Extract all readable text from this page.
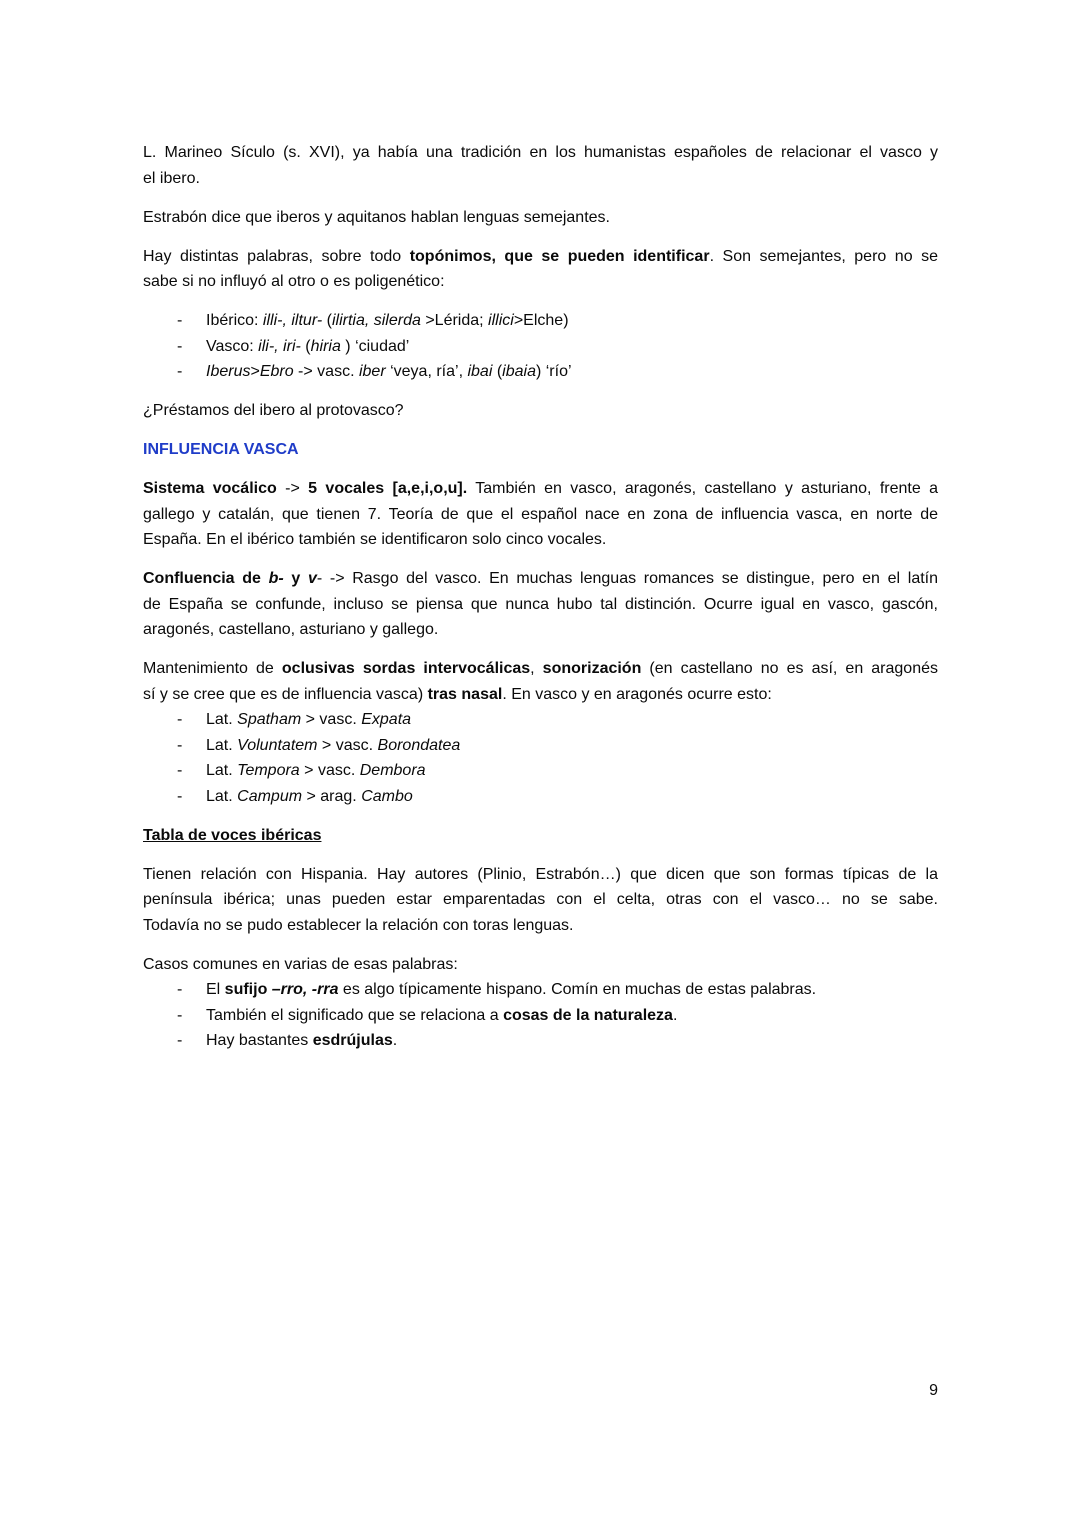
L. Marineo Sículo (s. XVI), ya había una tradición en los humanistas españoles de relacionar el vasco y
el ibero.
Estrabón dice que iberos y aquitanos hablan lenguas semejantes.
Hay distintas palabras, sobre todo topónimos, que se pueden identificar. Son semejantes, pero no se
sabe si no influyó al otro o es poligenético:
- Ibérico: illi-, iltur- (ilirtia, silerda >Lérida; illici>Elche)
- Vasco: ili-, iri- (hiria ) ‘ciudad’
- Iberus>Ebro -> vasc. iber ‘veya, ría’, ibai (ibaia) ‘río’
¿Préstamos del ibero al protovasco?
INFLUENCIA VASCA
Sistema vocálico -> 5 vocales [a,e,i,o,u]. También en vasco, aragonés, castellano y asturiano, frente a
gallego y catalán, que tienen 7. Teoría de que el español nace en zona de influencia vasca, en norte de
España. En el ibérico también se identificaron solo cinco vocales.
Confluencia de b- y v- -> Rasgo del vasco. En muchas lenguas romances se distingue, pero en el latín
de España se confunde, incluso se piensa que nunca hubo tal distinción. Ocurre igual en vasco, gascón,
aragonés, castellano, asturiano y gallego.
Mantenimiento de oclusivas sordas intervocálicas, sonorización (en castellano no es así, en aragonés
sí y se cree que es de influencia vasca) tras nasal. En vasco y en aragonés ocurre esto:
- Lat. Spatham > vasc. Expata
- Lat. Voluntatem > vasc. Borondatea
- Lat. Tempora > vasc. Dembora
- Lat. Campum > arag. Cambo
Tabla de voces ibéricas
Tienen relación con Hispania. Hay autores (Plinio, Estrabón…) que dicen que son formas típicas de la
península ibérica; unas pueden estar emparentadas con el celta, otras con el vasco… no se sabe.
Todavía no se pudo establecer la relación con toras lenguas.
Casos comunes en varias de esas palabras:
- El sufijo –rro, -rra es algo típicamente hispano. Comín en muchas de estas palabras.
- También el significado que se relaciona a cosas de la naturaleza.
- Hay bastantes esdrújulas.
9
